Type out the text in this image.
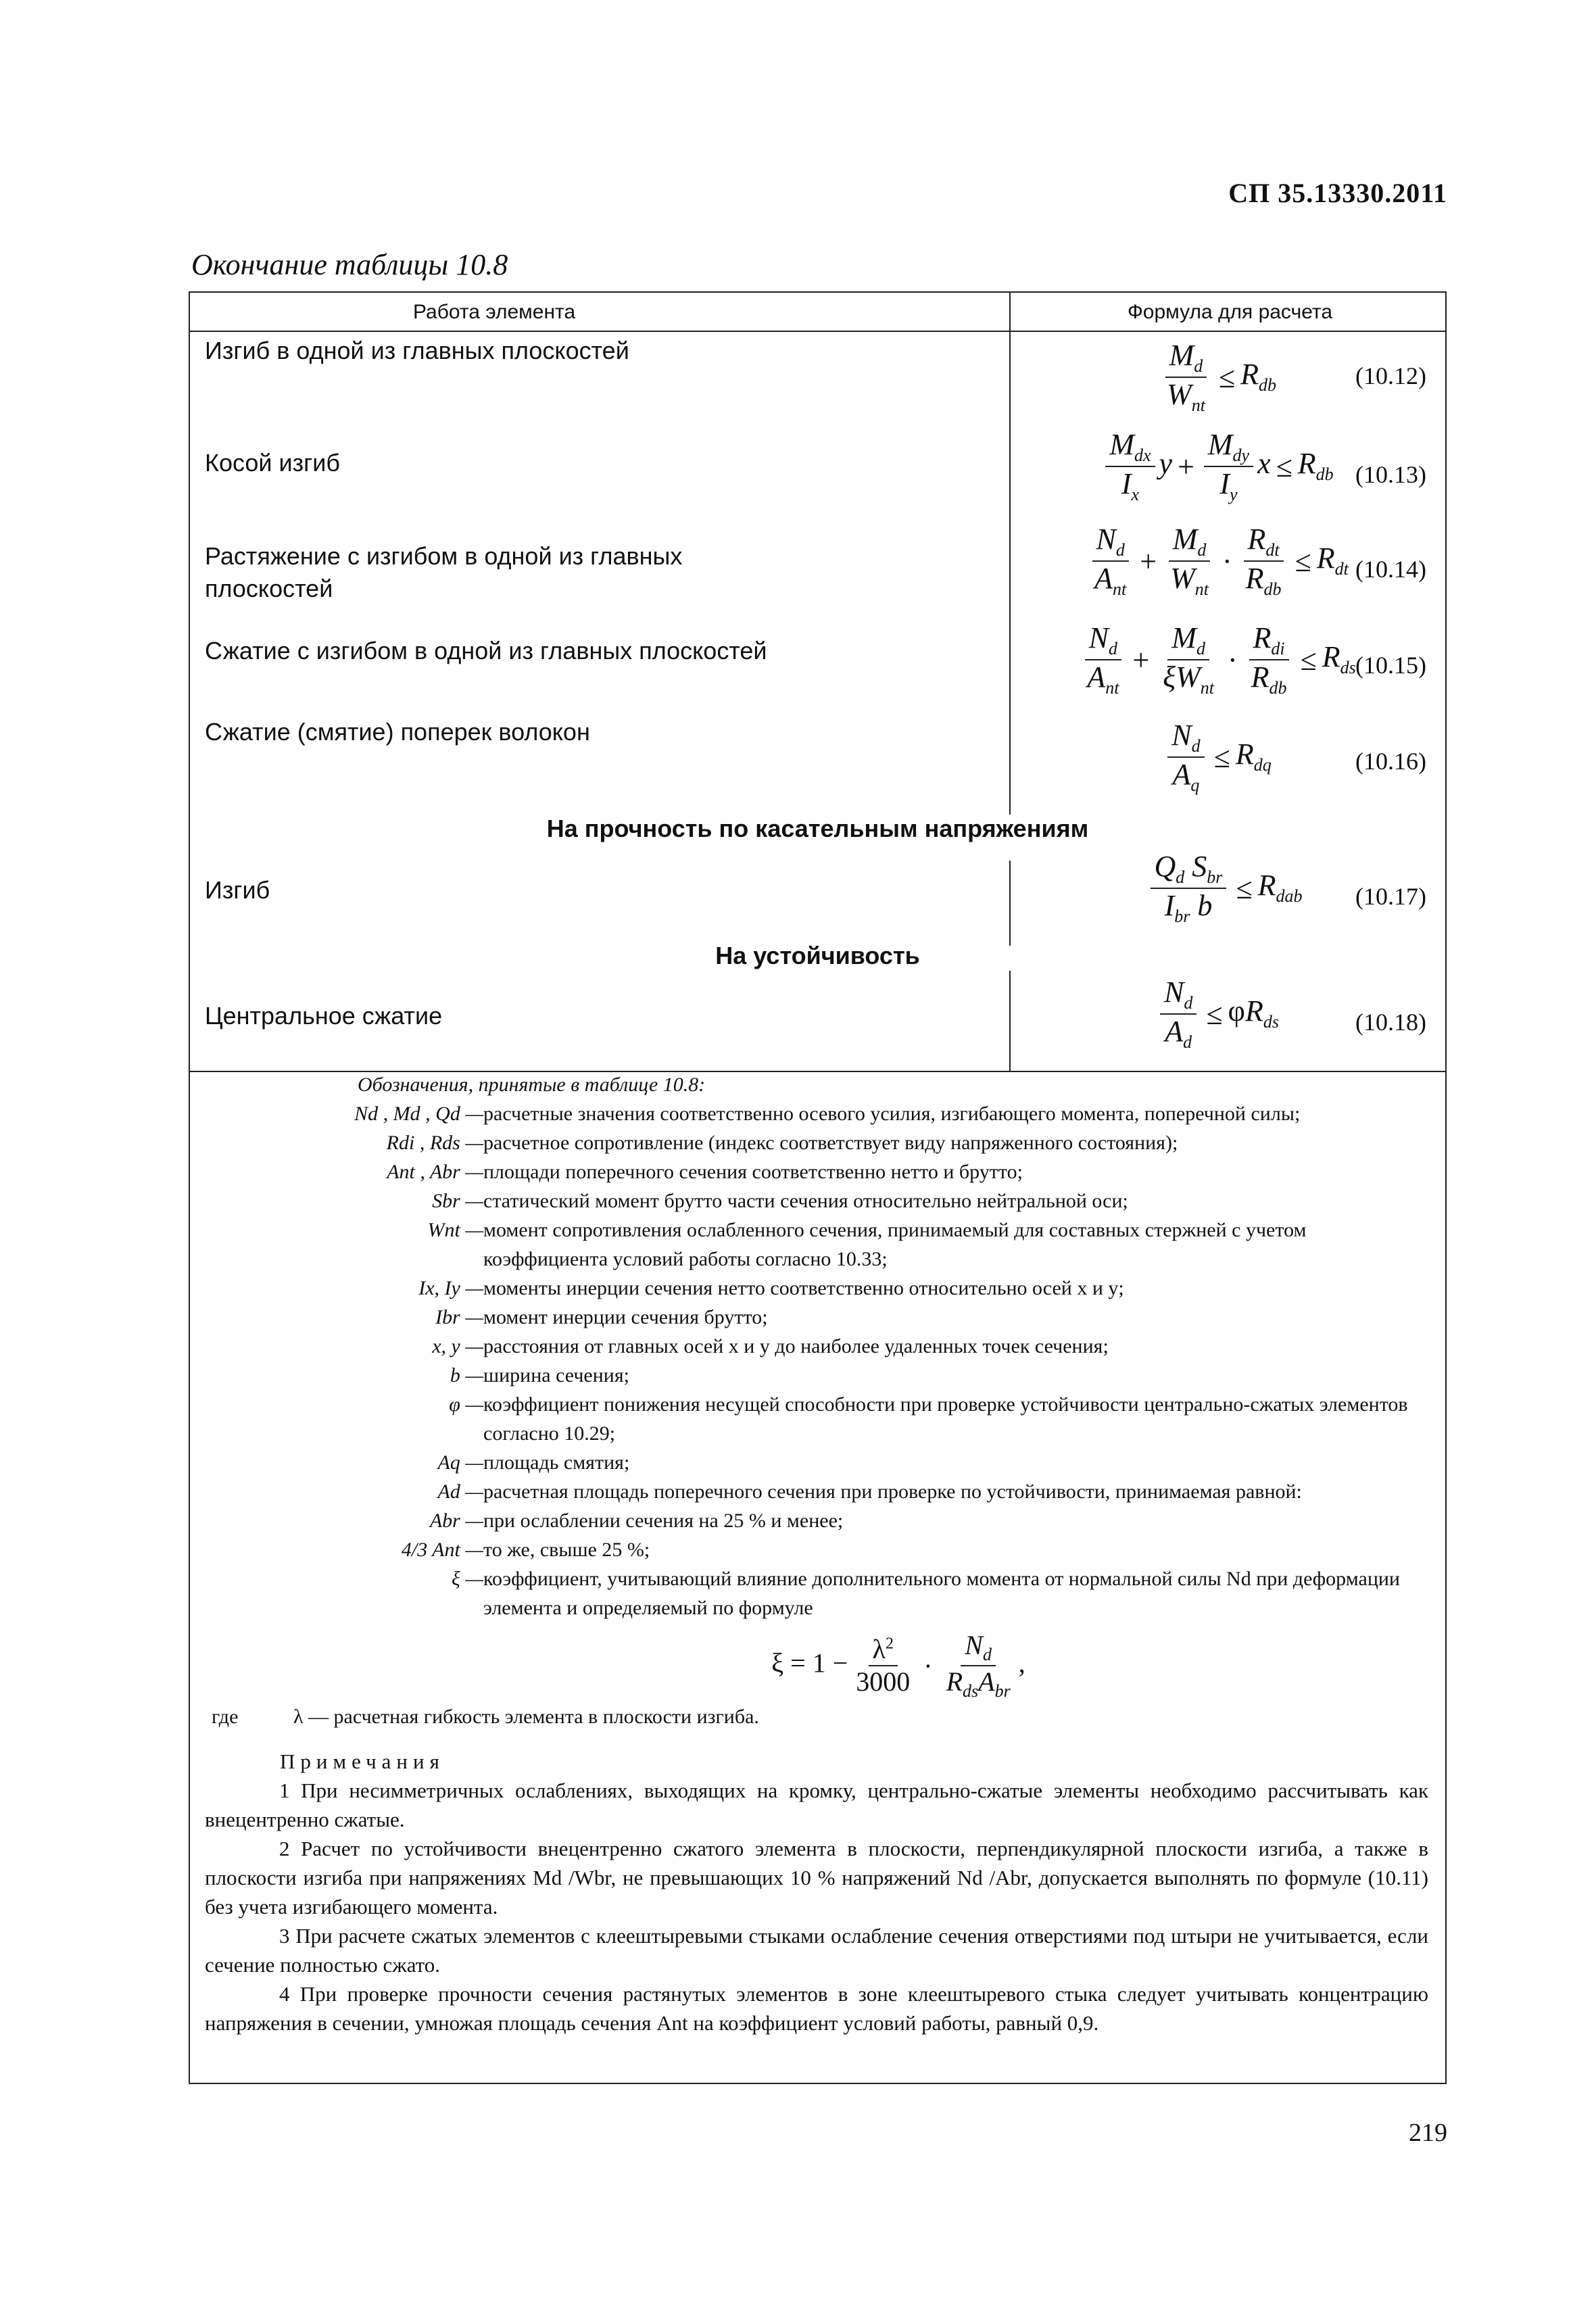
СП 35.13330.2011
Окончание таблицы 10.8
Работа элемента	Формула для расчета
Изгиб в одной из главных плоскостей	$\frac{M_d}{W_{nt}} \le R_{db}$	(10.12)
Косой изгиб	$\frac{M_{dx}}{I_x}$ $y + \frac{M_{dy}}{I_y}$ $x \le R_{db}$ (10.13)
Растяжение с изгибом в одной из главных плоскостей	$\frac{N_d}{A_{nt}} + \frac{M_d}{W_{nt}} \cdot \frac{R_{dt}}{R_{db}} \le R_{dt}$ (10.14)
Сжатие с изгибом в одной из главных плоскостей	$\frac{N_d}{A_{nt}} + \frac{M_d}{\xi W_{nt}} \cdot \frac{R_{di}}{R_{db}} \le R_{ds}$ (10.15)
Сжатие (смятие) поперек волокон	$\frac{N_d}{A_q} \le R_{dq}$	(10.16)
На прочность по касательным напряжениям
Изгиб	$\frac{Q_d S_{br}}{I_{br} b} \le R_{dab}$	(10.17)
На устойчивость
Центральное сжатие	$\frac{N_d}{A_d} \le \varphi R_{ds}$	(10.18)
Обозначения, принятые в таблице 10.8:
Nd , Md , Qd — расчетные значения соответственно осевого усилия, изгибающего момента, поперечной силы;
Rdi , Rds — расчетное сопротивление (индекс соответствует виду напряженного состояния);
Ant , Abr — площади поперечного сечения соответственно нетто и брутто;
Sbr — статический момент брутто части сечения относительно нейтральной оси;
Wnt — момент сопротивления ослабленного сечения, принимаемый для составных стержней с учетом коэффициента условий работы согласно 10.33;
Ix, Iy — моменты инерции сечения нетто соответственно относительно осей x и y;
Ibr — момент инерции сечения брутто;
x, y — расстояния от главных осей x и y до наиболее удаленных точек сечения;
b — ширина сечения;
φ — коэффициент понижения несущей способности при проверке устойчивости центрально-сжатых элементов согласно 10.29;
Aq — площадь смятия;
Ad — расчетная площадь поперечного сечения при проверке по устойчивости, принимаемая равной:
Abr — при ослаблении сечения на 25 % и менее;
4/3 Ant — то же, свыше 25 %;
ξ — коэффициент, учитывающий влияние дополнительного момента от нормальной силы Nd при деформации элемента и определяемый по формуле
$\xi = 1 - \frac{\lambda^2}{3000} \cdot \frac{N_d}{R_{ds}A_{br}}$ ,
где	λ — расчетная гибкость элемента в плоскости изгиба.
Примечания
1 При несимметричных ослаблениях, выходящих на кромку, центрально-сжатые элементы необходимо рассчитывать как внецентренно сжатые.
2 Расчет по устойчивости внецентренно сжатого элемента в плоскости, перпендикулярной плоскости изгиба, а также в плоскости изгиба при напряжениях Md /Wbr, не превышающих 10 % напряжений Nd /Abr, допускается выполнять по формуле (10.11) без учета изгибающего момента.
3 При расчете сжатых элементов с клеештыревыми стыками ослабление сечения отверстиями под штыри не учитывается, если сечение полностью сжато.
4 При проверке прочности сечения растянутых элементов в зоне клеештыревого стыка следует учитывать концентрацию напряжения в сечении, умножая площадь сечения Ant на коэффициент условий работы, равный 0,9.
219
